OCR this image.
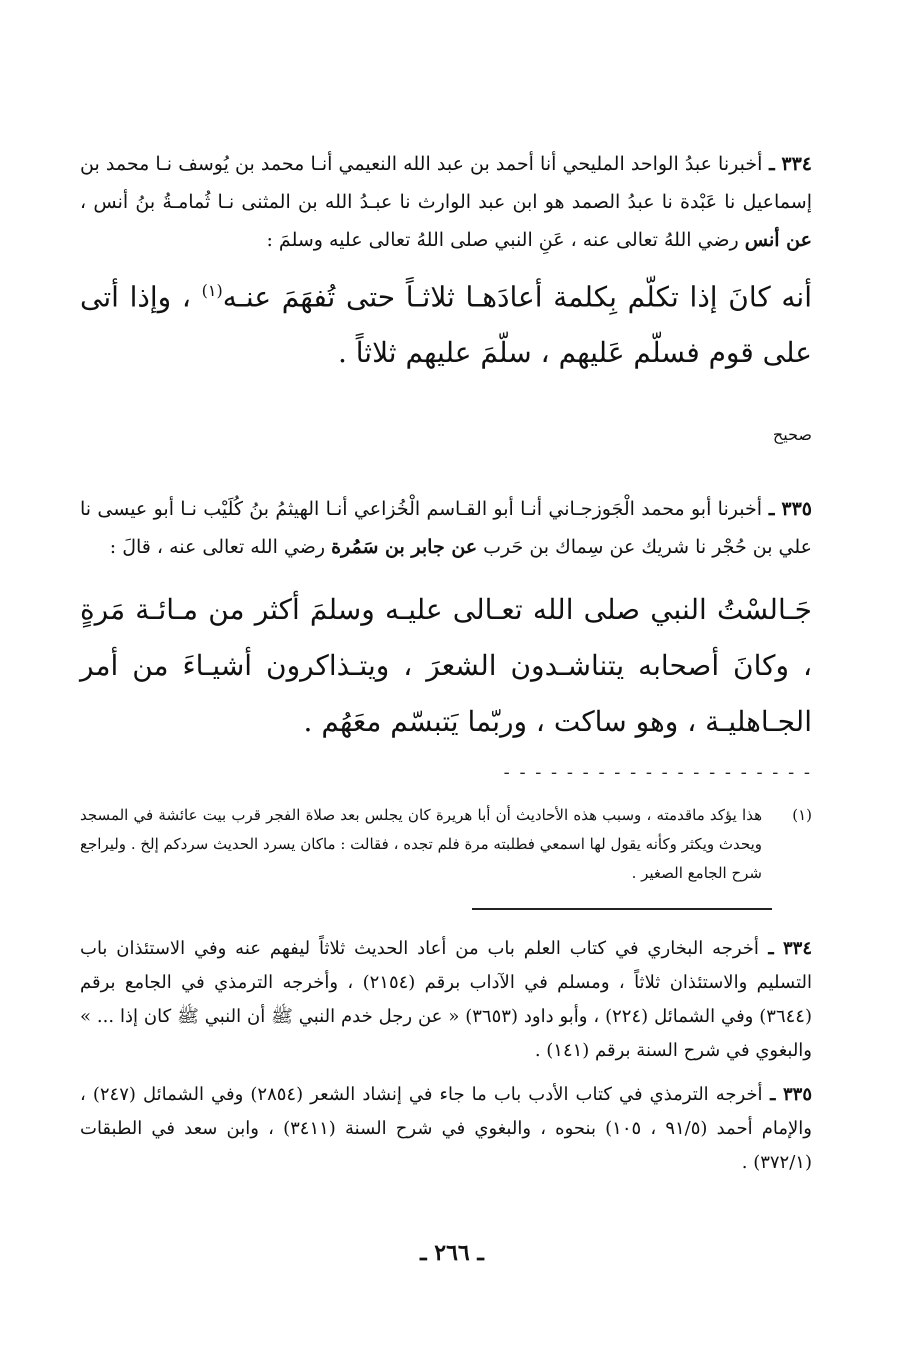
٣٣٤ ـ أخبرنا عبدُ الواحد المليحي أنا أحمد بن عبد الله النعيمي أنـا محمد بن يُوسف نـا محمد بن إسماعيل نا عَبْدة نا عبدُ الصمد هو ابن عبد الوارث نا عبـدُ الله بن المثنى نـا ثُمامـةُ بنُ أنس ، عن أنس رضي اللهُ تعالى عنه ، عَنِ النبي صلى اللهُ تعالى عليه وسلمَ :

أنه كانَ إذا تكلّم بِكلمة أعادَهـا ثلاثـاً حتى تُفهَمَ عنـه$^{(١)}$ ، وإذا أتى على قوم فسلّم عَليهم ، سلّمَ عليهم ثلاثاً .

صحيح

٣٣٥ ـ أخبرنا أبو محمد الْجَوزجـاني أنـا أبو القـاسم الْخُزاعي أنـا الهيثمُ بنُ كُلَيْب نـا أبو عيسى نا علي بن حُجْر نا شريك عن سِماك بن حَرب عن جابر بن سَمُرة رضي الله تعالى عنه ، قالَ :

جَـالسْتُ النبي صلى الله تعـالى عليـه وسلمَ أكثر من مـائـة مَرةٍ ، وكانَ أصحابه يتناشـدون الشعرَ ، ويتـذاكرون أشيـاءَ من أمر الجـاهليـة ، وهو ساكت ، وربّما يَتبسّم معَهُم .

- - - - - - - - - - - - - - - - - - - -
(١)
هذا يؤكد ماقدمته ، وسبب هذه الأحاديث أن أبا هريرة كان يجلس بعد صلاة الفجر قرب بيت عائشة في المسجد ويحدث ويكثر وكأنه يقول لها اسمعي فطلبته مرة فلم تجده ، فقالت : ماكان يسرد الحديث سردكم إلخ . وليراجع شرح الجامع الصغير .

٣٣٤ ـ أخرجه البخاري في كتاب العلم باب من أعاد الحديث ثلاثاً ليفهم عنه وفي الاستئذان باب التسليم والاستئذان ثلاثاً ، ومسلم في الآداب برقم (٢١٥٤) ، وأخرجه الترمذي في الجامع برقم (٣٦٤٤) وفي الشمائل (٢٢٤) ، وأبو داود (٣٦٥٣) « عن رجل خدم النبي ﷺ أن النبي ﷺ كان إذا ... » والبغوي في شرح السنة برقم (١٤١) .

٣٣٥ ـ أخرجه الترمذي في كتاب الأدب باب ما جاء في إنشاد الشعر (٢٨٥٤) وفي الشمائل (٢٤٧) ، والإمام أحمد (٩١/٥ ، ١٠٥) بنحوه ، والبغوي في شرح السنة (٣٤١١) ، وابن سعد في الطبقات (٣٧٢/١) .

ـ ٢٦٦ ـ
